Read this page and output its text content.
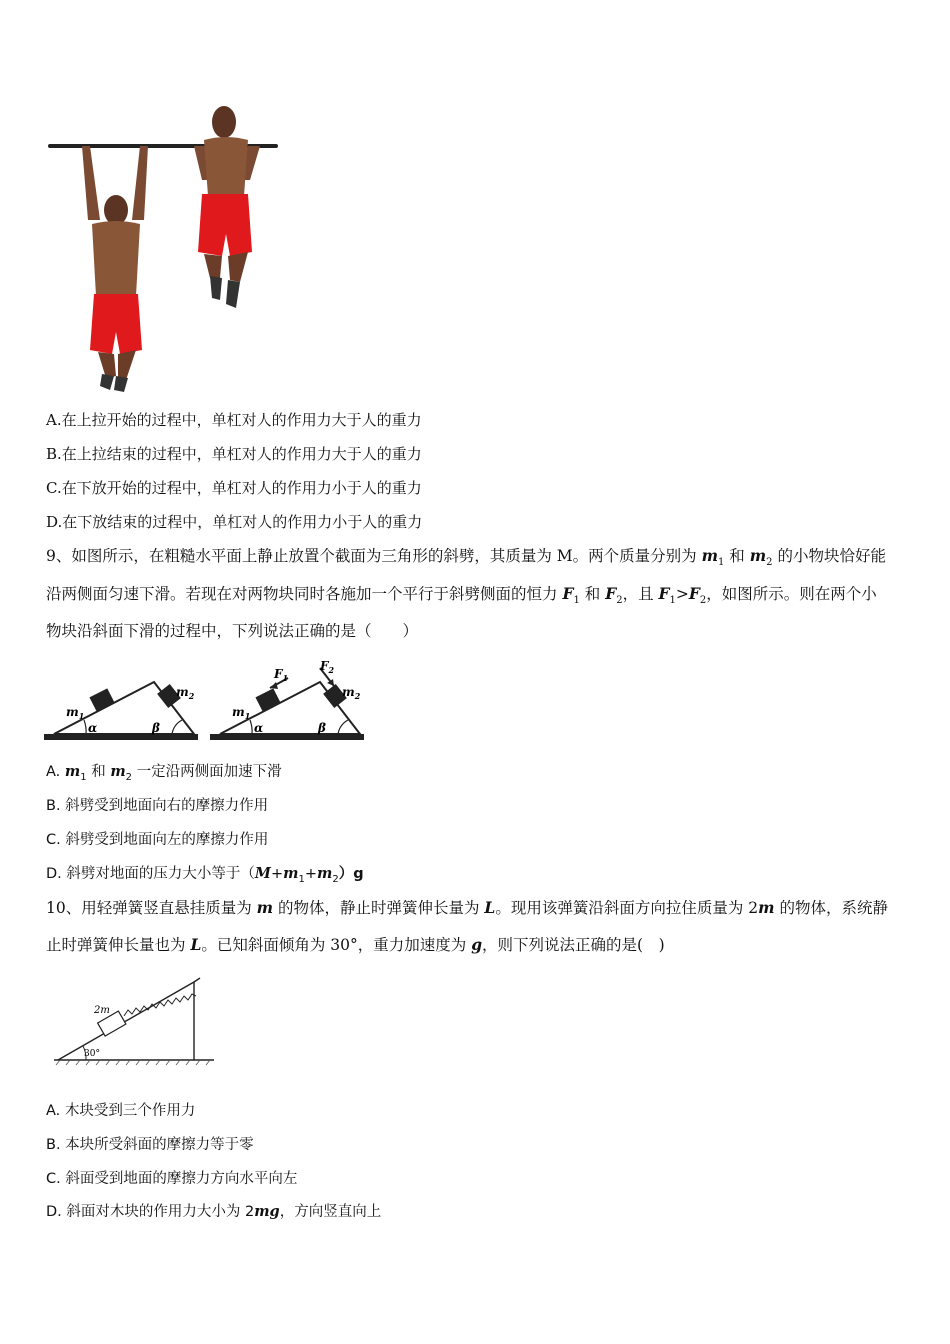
A.在上拉开始的过程中，单杠对人的作用力大于人的重力
B.在上拉结束的过程中，单杠对人的作用力大于人的重力
C.在下放开始的过程中，单杠对人的作用力小于人的重力
D.在下放结束的过程中，单杠对人的作用力小于人的重力
9、如图所示，在粗糙水平面上静止放置个截面为三角形的斜劈，其质量为 M。两个质量分别为 $m_1$ 和 $m_2$ 的小物块恰好能
沿两侧面匀速下滑。若现在对两物块同时各施加一个平行于斜劈侧面的恒力 $F_1$ 和 $F_2$，且 $F_1>F_2$，如图所示。则在两个小
物块沿斜面下滑的过程中，下列说法正确的是（　　）
$m_1$
$m_2$
α	β
$m_1$
$m_2$
$F_1$
$F_2$
α	β
A. $m_1$ 和 $m_2$ 一定沿两侧面加速下滑
B. 斜劈受到地面向右的摩擦力作用
C. 斜劈受到地面向左的摩擦力作用
D. 斜劈对地面的压力大小等于$(M+m_1+m_2)g$
10、用轻弹簧竖直悬挂质量为 m 的物体，静止时弹簧伸长量为 L。现用该弹簧沿斜面方向拉住质量为 2m 的物体，系统静
止时弹簧伸长量也为 L。已知斜面倾角为 30°，重力加速度为 g，则下列说法正确的是(　)
2m
30°
A. 木块受到三个作用力
B. 本块所受斜面的摩擦力等于零
C. 斜面受到地面的摩擦力方向水平向左
D. 斜面对木块的作用力大小为 2mg，方向竖直向上
